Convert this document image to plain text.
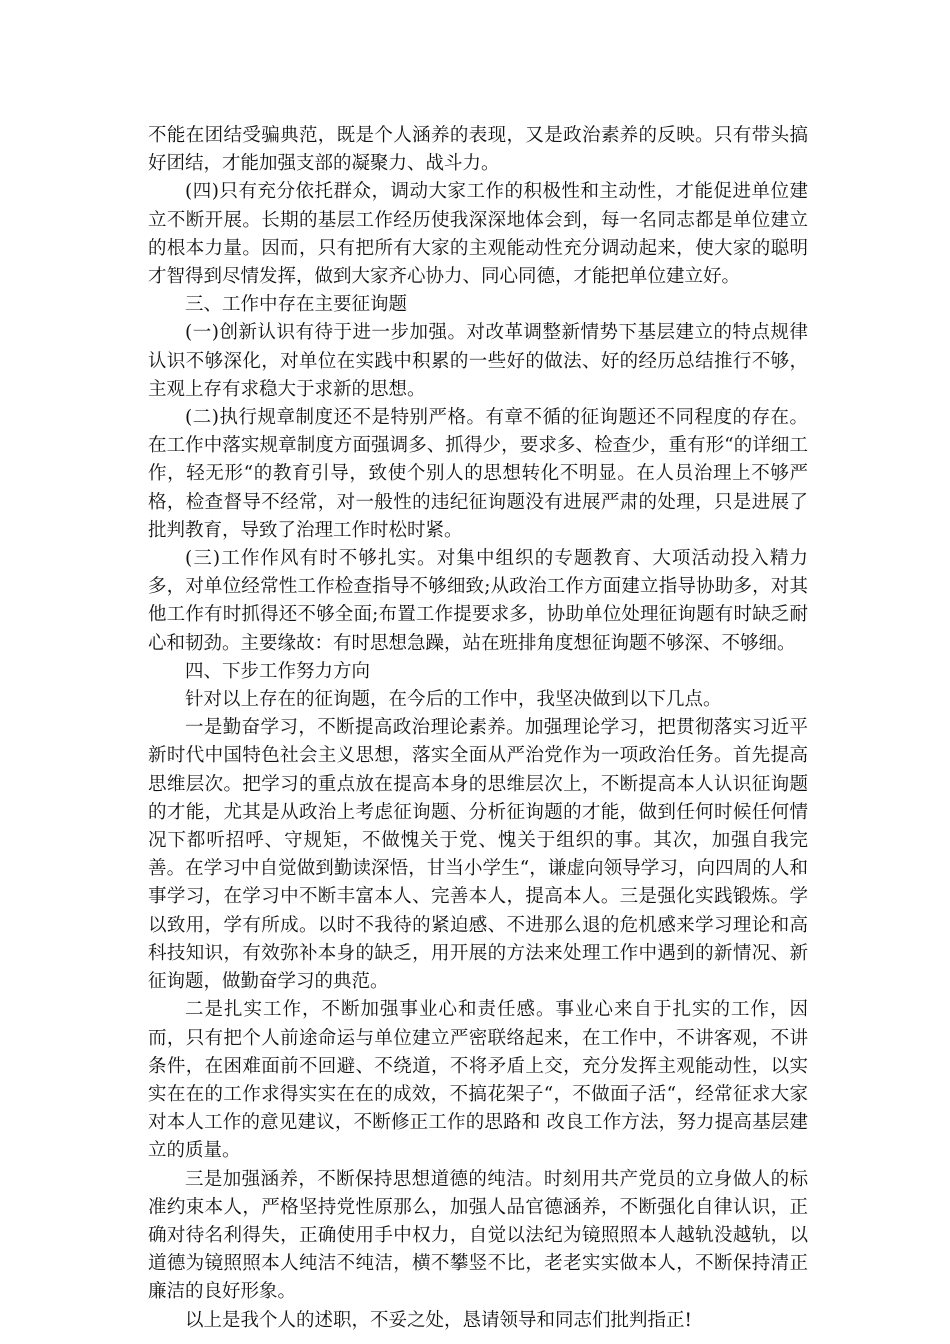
不能在团结受骗典范，既是个人涵养的表现，又是政治素养的反映。只有带头搞好团结，才能加强支部的凝聚力、战斗力。

(四)只有充分依托群众，调动大家工作的积极性和主动性，才能促进单位建立不断开展。长期的基层工作经历使我深深地体会到，每一名同志都是单位建立的根本力量。因而，只有把所有大家的主观能动性充分调动起来，使大家的聪明才智得到尽情发挥，做到大家齐心协力、同心同德，才能把单位建立好。

三、工作中存在主要征询题

(一)创新认识有待于进一步加强。对改革调整新情势下基层建立的特点规律认识不够深化，对单位在实践中积累的一些好的做法、好的经历总结推行不够，主观上存有求稳大于求新的思想。

(二)执行规章制度还不是特别严格。有章不循的征询题还不同程度的存在。在工作中落实规章制度方面强调多、抓得少，要求多、检查少，重有形“的详细工作，轻无形“的教育引导，致使个别人的思想转化不明显。在人员治理上不够严格，检查督导不经常，对一般性的违纪征询题没有进展严肃的处理，只是进展了批判教育，导致了治理工作时松时紧。

(三)工作作风有时不够扎实。对集中组织的专题教育、大项活动投入精力多，对单位经常性工作检查指导不够细致;从政治工作方面建立指导协助多，对其他工作有时抓得还不够全面;布置工作提要求多，协助单位处理征询题有时缺乏耐心和韧劲。主要缘故：有时思想急躁，站在班排角度想征询题不够深、不够细。

四、下步工作努力方向

针对以上存在的征询题，在今后的工作中，我坚决做到以下几点。

一是勤奋学习，不断提高政治理论素养。加强理论学习，把贯彻落实习近平新时代中国特色社会主义思想，落实全面从严治党作为一项政治任务。首先提高思维层次。把学习的重点放在提高本身的思维层次上，不断提高本人认识征询题的才能，尤其是从政治上考虑征询题、分析征询题的才能，做到任何时候任何情况下都听招呼、守规矩，不做愧关于党、愧关于组织的事。其次，加强自我完善。在学习中自觉做到勤读深悟，甘当小学生“，谦虚向领导学习，向四周的人和事学习，在学习中不断丰富本人、完善本人，提高本人。三是强化实践锻炼。学以致用，学有所成。以时不我待的紧迫感、不进那么退的危机感来学习理论和高科技知识，有效弥补本身的缺乏，用开展的方法来处理工作中遇到的新情况、新征询题，做勤奋学习的典范。

二是扎实工作，不断加强事业心和责任感。事业心来自于扎实的工作，因而，只有把个人前途命运与单位建立严密联络起来，在工作中，不讲客观，不讲条件，在困难面前不回避、不绕道，不将矛盾上交，充分发挥主观能动性，以实实在在的工作求得实实在在的成效，不搞花架子“，不做面子活“，经常征求大家对本人工作的意见建议，不断修正工作的思路和 改良工作方法，努力提高基层建立的质量。

三是加强涵养，不断保持思想道德的纯洁。时刻用共产党员的立身做人的标准约束本人，严格坚持党性原那么，加强人品官德涵养，不断强化自律认识，正确对待名利得失，正确使用手中权力，自觉以法纪为镜照照本人越轨没越轨，以道德为镜照照本人纯洁不纯洁，横不攀竖不比，老老实实做本人，不断保持清正廉洁的良好形象。

以上是我个人的述职，不妥之处，恳请领导和同志们批判指正!
